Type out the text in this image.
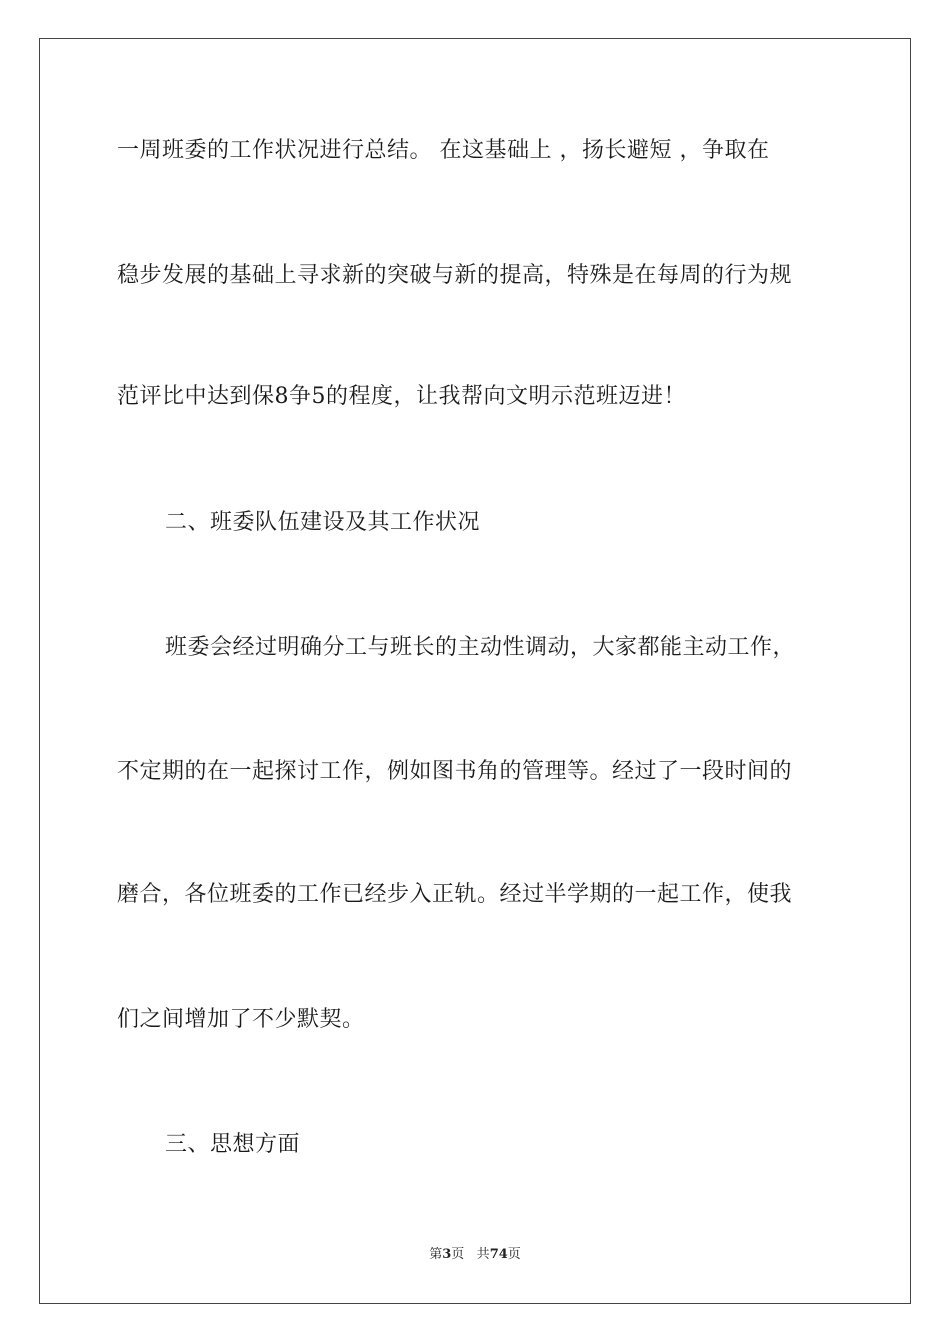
一周班委的工作状况进行总结。 在这基础上 ，扬长避短 ，争取在
稳步发展的基础上寻求新的突破与新的提高，特殊是在每周的行为规
范评比中达到保8争5的程度，让我帮向文明示范班迈进！
二、班委队伍建设及其工作状况
班委会经过明确分工与班长的主动性调动，大家都能主动工作，
不定期的在一起探讨工作，例如图书角的管理等。经过了一段时间的
磨合，各位班委的工作已经步入正轨。经过半学期的一起工作，使我
们之间增加了不少默契。
三、思想方面
第3页 共74页
